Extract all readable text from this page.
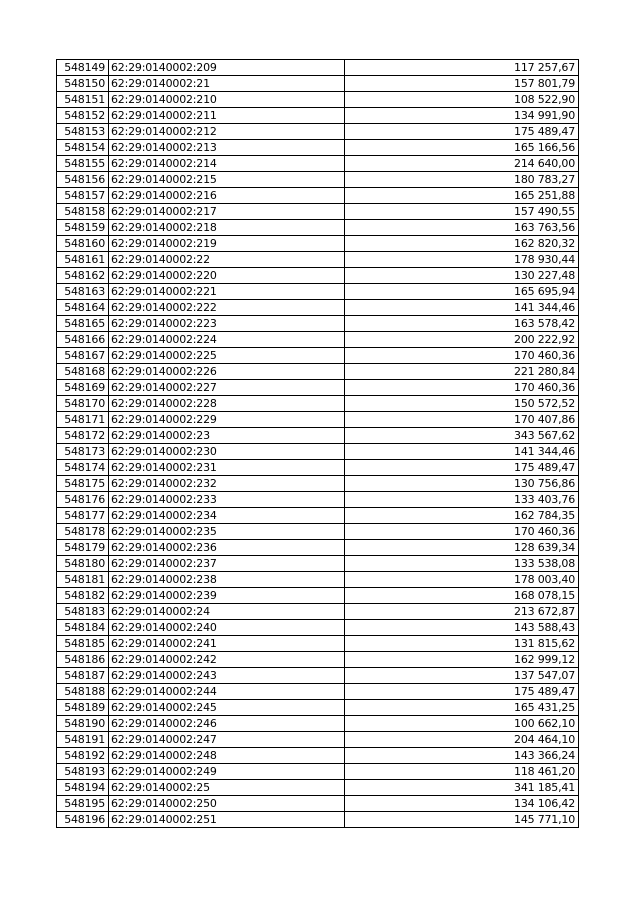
548149	62:29:0140002:209	117 257,67
548150	62:29:0140002:21	157 801,79
548151	62:29:0140002:210	108 522,90
548152	62:29:0140002:211	134 991,90
548153	62:29:0140002:212	175 489,47
548154	62:29:0140002:213	165 166,56
548155	62:29:0140002:214	214 640,00
548156	62:29:0140002:215	180 783,27
548157	62:29:0140002:216	165 251,88
548158	62:29:0140002:217	157 490,55
548159	62:29:0140002:218	163 763,56
548160	62:29:0140002:219	162 820,32
548161	62:29:0140002:22	178 930,44
548162	62:29:0140002:220	130 227,48
548163	62:29:0140002:221	165 695,94
548164	62:29:0140002:222	141 344,46
548165	62:29:0140002:223	163 578,42
548166	62:29:0140002:224	200 222,92
548167	62:29:0140002:225	170 460,36
548168	62:29:0140002:226	221 280,84
548169	62:29:0140002:227	170 460,36
548170	62:29:0140002:228	150 572,52
548171	62:29:0140002:229	170 407,86
548172	62:29:0140002:23	343 567,62
548173	62:29:0140002:230	141 344,46
548174	62:29:0140002:231	175 489,47
548175	62:29:0140002:232	130 756,86
548176	62:29:0140002:233	133 403,76
548177	62:29:0140002:234	162 784,35
548178	62:29:0140002:235	170 460,36
548179	62:29:0140002:236	128 639,34
548180	62:29:0140002:237	133 538,08
548181	62:29:0140002:238	178 003,40
548182	62:29:0140002:239	168 078,15
548183	62:29:0140002:24	213 672,87
548184	62:29:0140002:240	143 588,43
548185	62:29:0140002:241	131 815,62
548186	62:29:0140002:242	162 999,12
548187	62:29:0140002:243	137 547,07
548188	62:29:0140002:244	175 489,47
548189	62:29:0140002:245	165 431,25
548190	62:29:0140002:246	100 662,10
548191	62:29:0140002:247	204 464,10
548192	62:29:0140002:248	143 366,24
548193	62:29:0140002:249	118 461,20
548194	62:29:0140002:25	341 185,41
548195	62:29:0140002:250	134 106,42
548196	62:29:0140002:251	145 771,10
